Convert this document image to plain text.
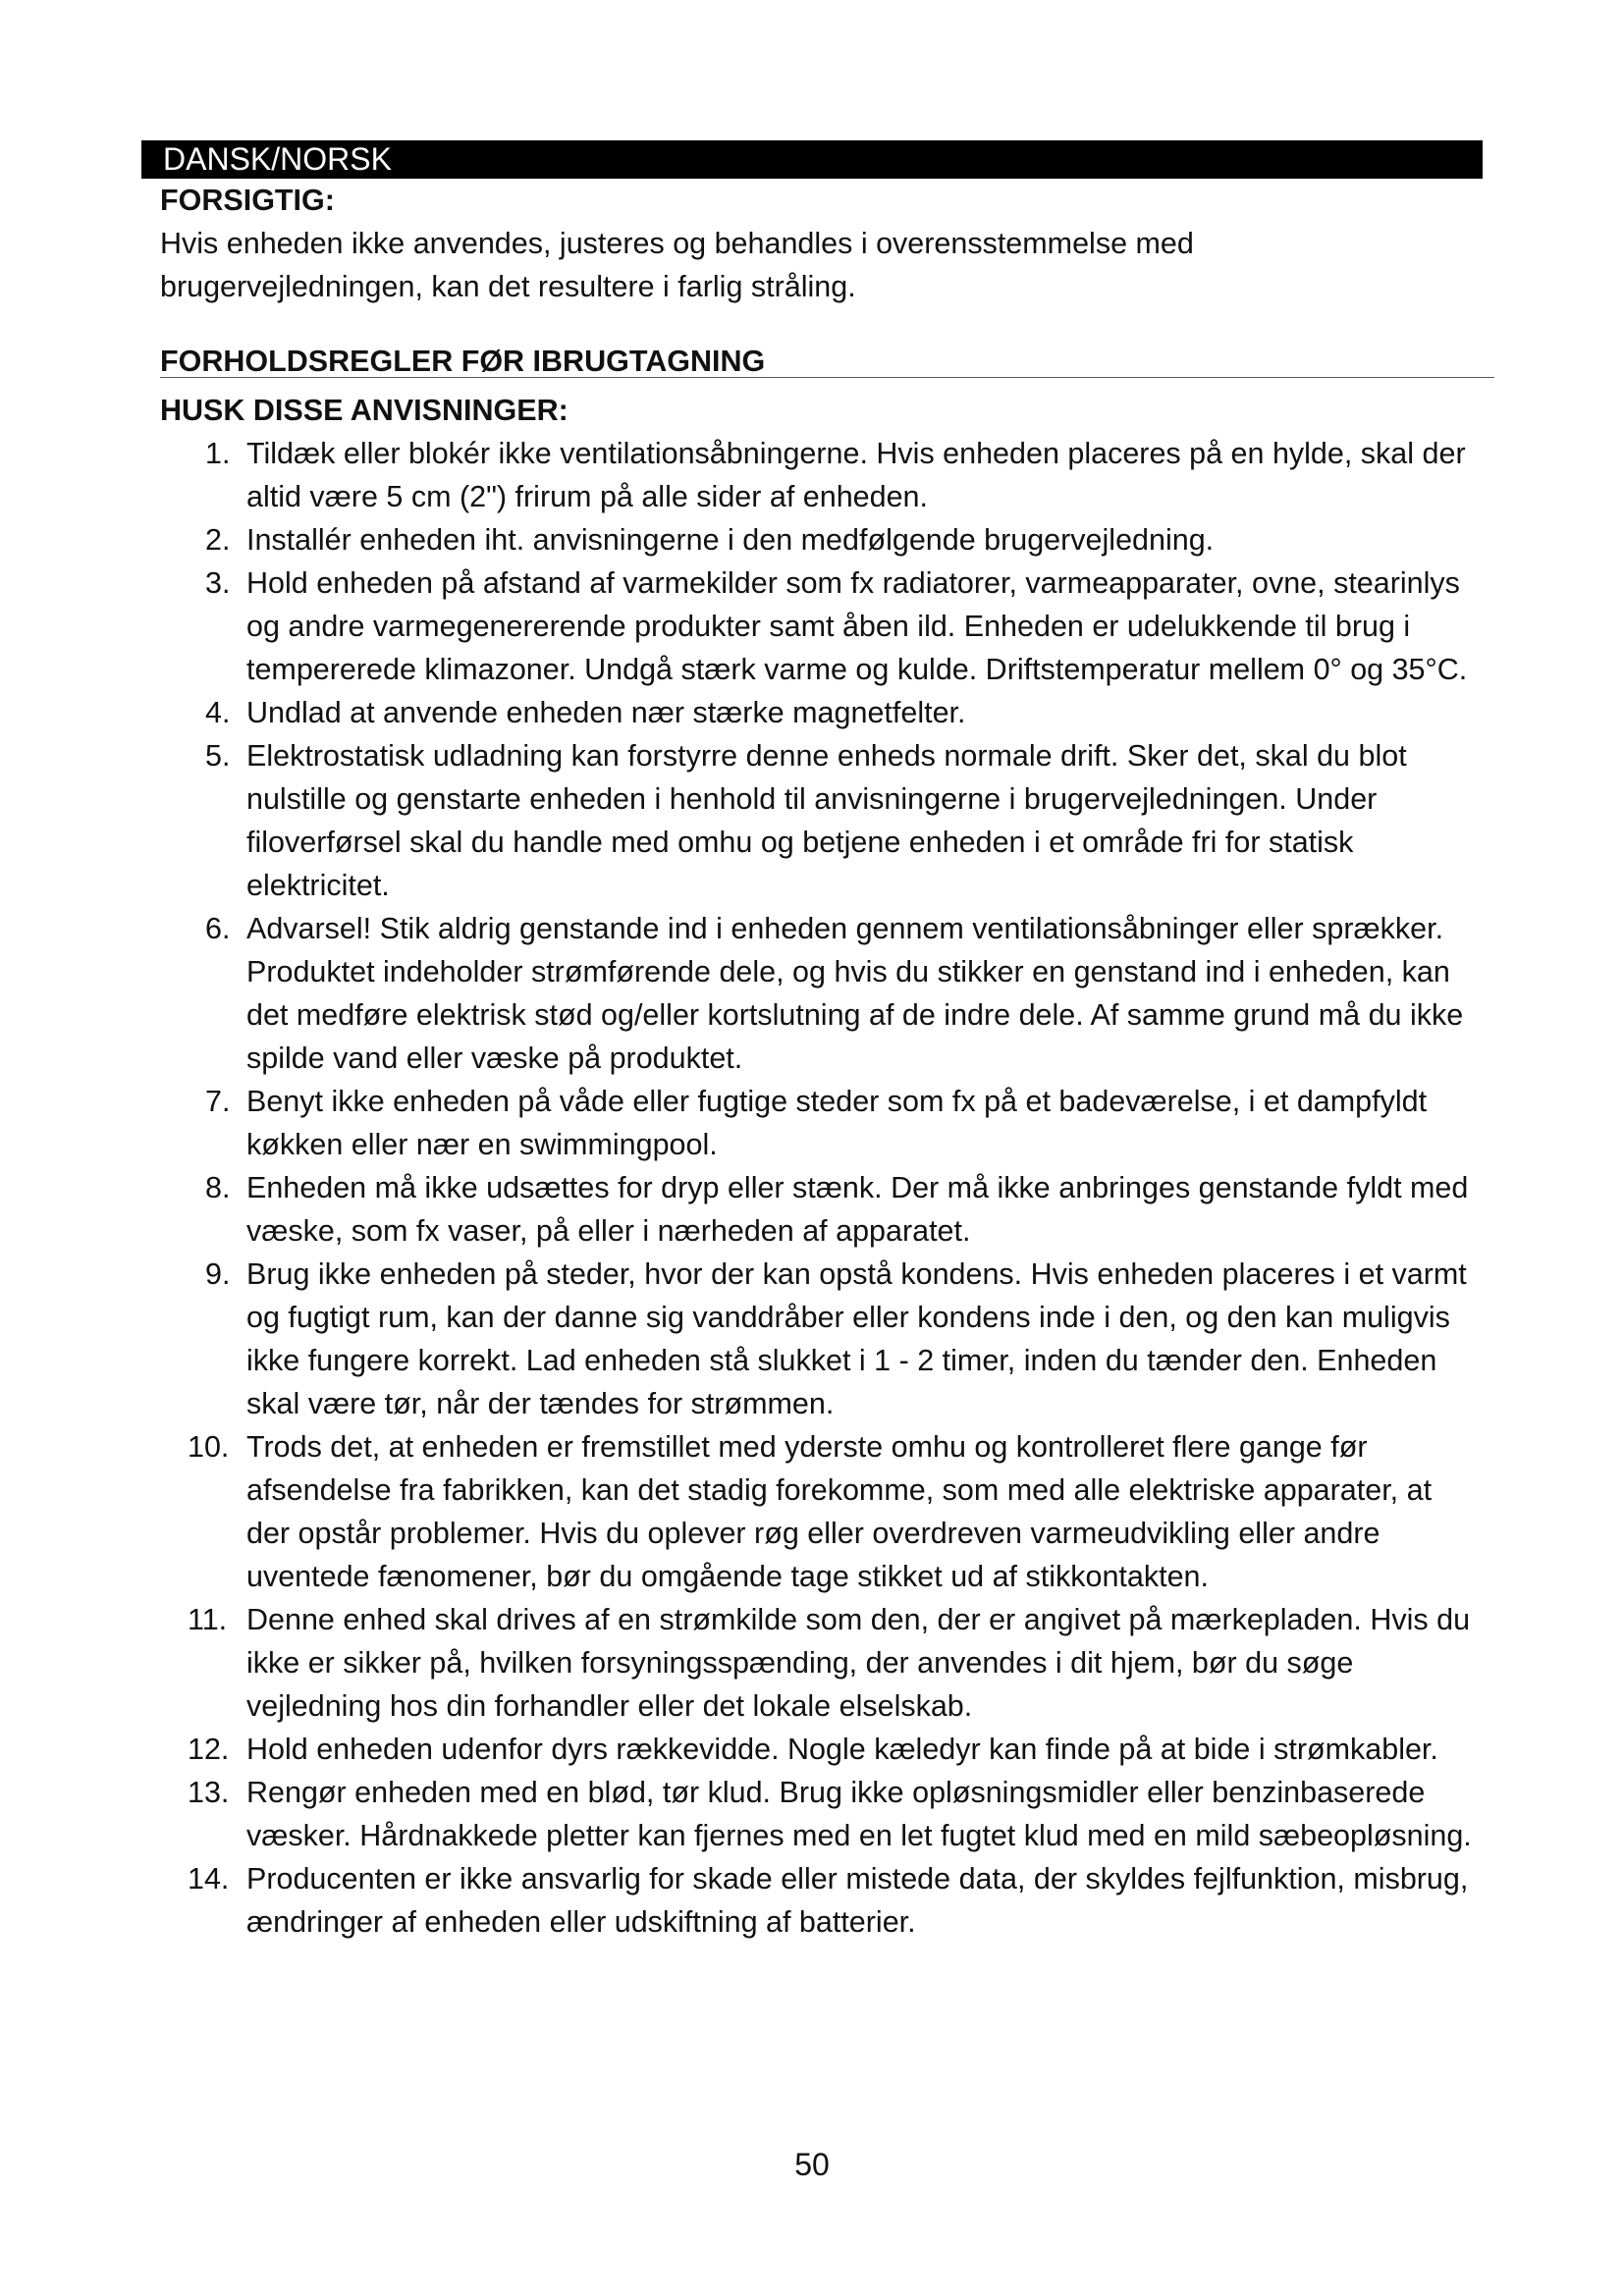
DANSK/NORSK

FORSIGTIG:

Hvis enheden ikke anvendes, justeres og behandles i overensstemmelse med brugervejledningen, kan det resultere i farlig stråling.

FORHOLDSREGLER FØR IBRUGTAGNING

HUSK DISSE ANVISNINGER:

1. Tildæk eller blokér ikke ventilationsåbningerne. Hvis enheden placeres på en hylde, skal der altid være 5 cm (2") frirum på alle sider af enheden.
2. Installér enheden iht. anvisningerne i den medfølgende brugervejledning.
3. Hold enheden på afstand af varmekilder som fx radiatorer, varmeapparater, ovne, stearinlys og andre varmegenererende produkter samt åben ild. Enheden er udelukkende til brug i tempererede klimazoner. Undgå stærk varme og kulde. Driftstemperatur mellem 0° og 35°C.
4. Undlad at anvende enheden nær stærke magnetfelter.
5. Elektrostatisk udladning kan forstyrre denne enheds normale drift. Sker det, skal du blot nulstille og genstarte enheden i henhold til anvisningerne i brugervejledningen. Under filoverførsel skal du handle med omhu og betjene enheden i et område fri for statisk elektricitet.
6. Advarsel! Stik aldrig genstande ind i enheden gennem ventilationsåbninger eller sprækker. Produktet indeholder strømførende dele, og hvis du stikker en genstand ind i enheden, kan det medføre elektrisk stød og/eller kortslutning af de indre dele. Af samme grund må du ikke spilde vand eller væske på produktet.
7. Benyt ikke enheden på våde eller fugtige steder som fx på et badeværelse, i et dampfyldt køkken eller nær en swimmingpool.
8. Enheden må ikke udsættes for dryp eller stænk. Der må ikke anbringes genstande fyldt med væske, som fx vaser, på eller i nærheden af apparatet.
9. Brug ikke enheden på steder, hvor der kan opstå kondens. Hvis enheden placeres i et varmt og fugtigt rum, kan der danne sig vanddråber eller kondens inde i den, og den kan muligvis ikke fungere korrekt. Lad enheden stå slukket i 1 - 2 timer, inden du tænder den. Enheden skal være tør, når der tændes for strømmen.
10. Trods det, at enheden er fremstillet med yderste omhu og kontrolleret flere gange før afsendelse fra fabrikken, kan det stadig forekomme, som med alle elektriske apparater, at der opstår problemer. Hvis du oplever røg eller overdreven varmeudvikling eller andre uventede fænomener, bør du omgående tage stikket ud af stikkontakten.
11. Denne enhed skal drives af en strømkilde som den, der er angivet på mærkepladen. Hvis du ikke er sikker på, hvilken forsyningsspænding, der anvendes i dit hjem, bør du søge vejledning hos din forhandler eller det lokale elselskab.
12. Hold enheden udenfor dyrs rækkevidde. Nogle kæledyr kan finde på at bide i strømkabler.
13. Rengør enheden med en blød, tør klud. Brug ikke opløsningsmidler eller benzinbaserede væsker. Hårdnakkede pletter kan fjernes med en let fugtet klud med en mild sæbeopløsning.
14. Producenten er ikke ansvarlig for skade eller mistede data, der skyldes fejlfunktion, misbrug, ændringer af enheden eller udskiftning af batterier.
50
